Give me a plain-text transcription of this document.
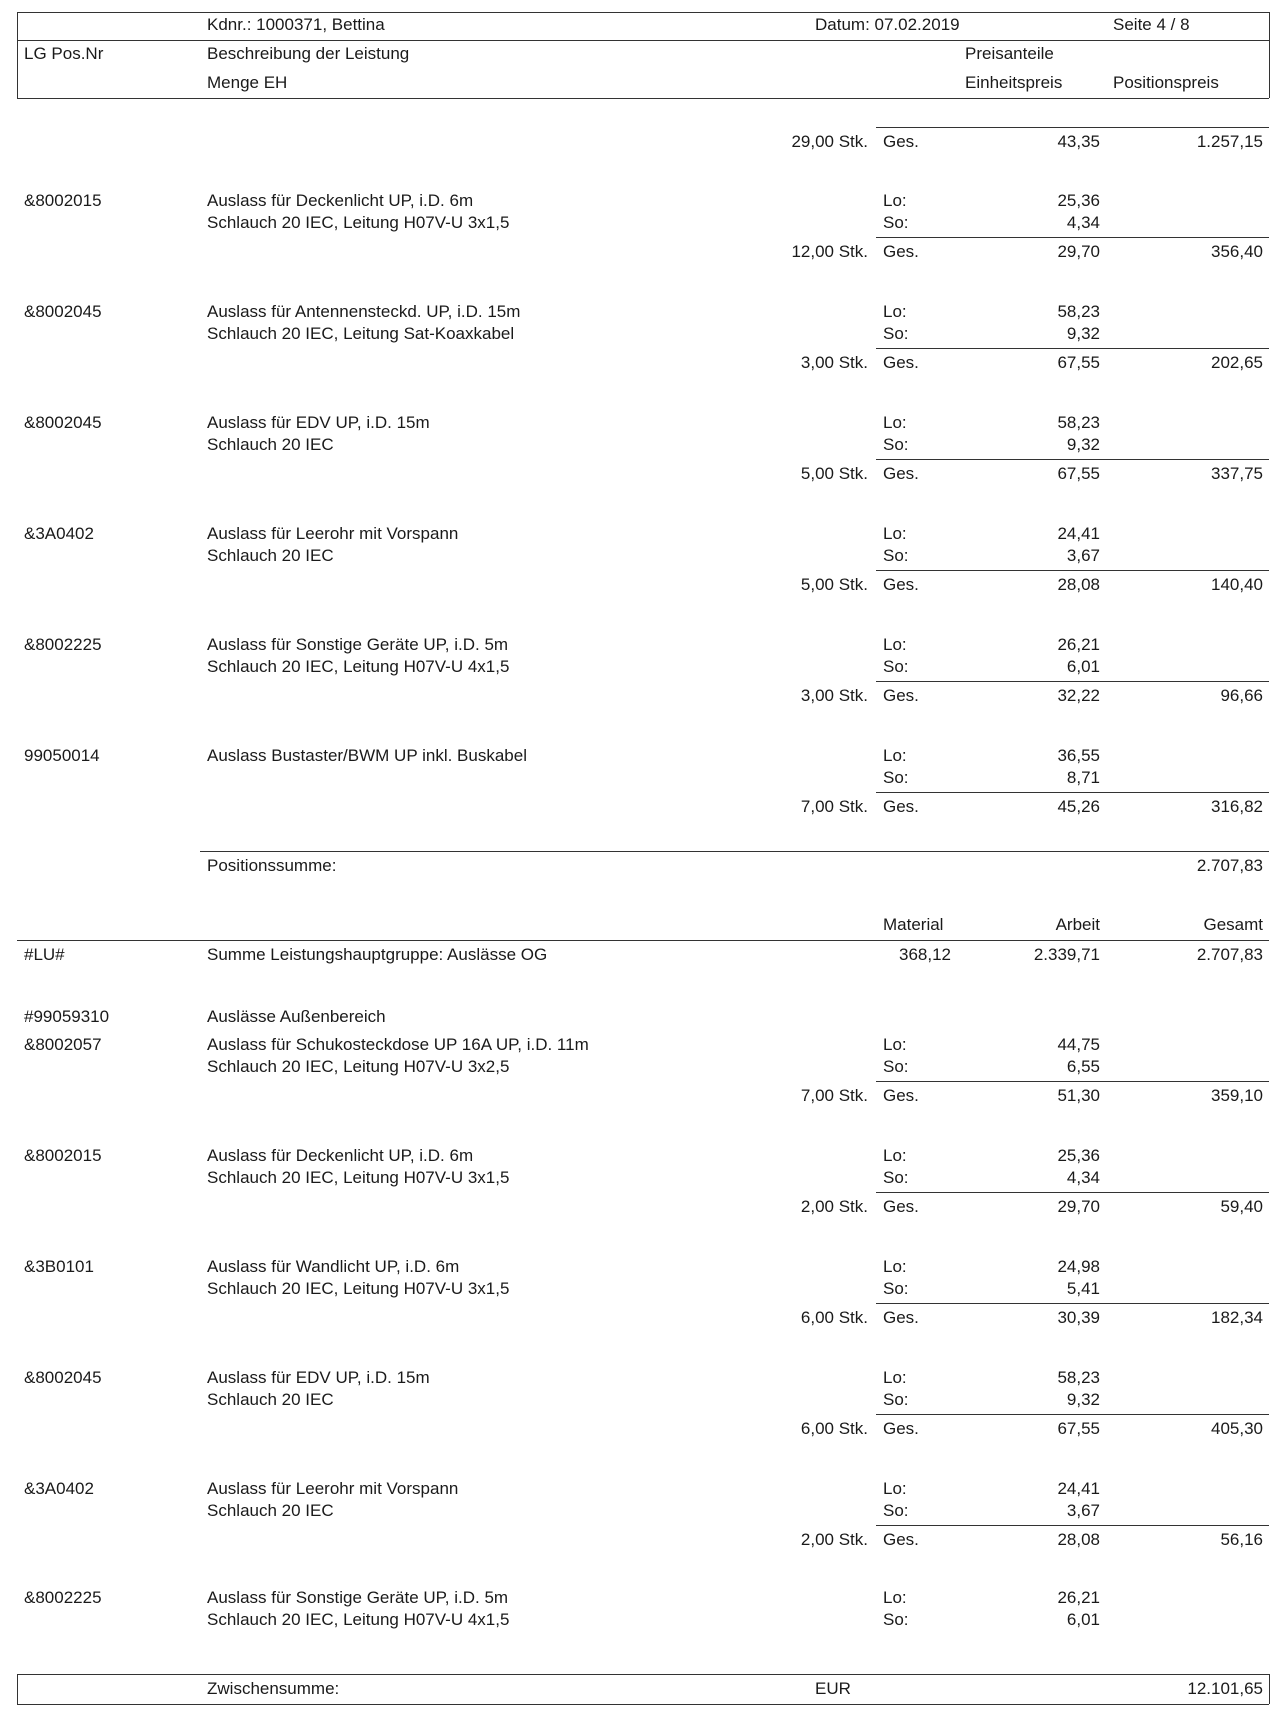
Kdnr.: 1000371, Bettina	Datum: 07.02.2019	Seite 4 / 8
LG Pos.Nr	Beschreibung der Leistung	Preisanteile
Menge EH	Einheitspreis	Positionspreis
29,00 Stk. Ges.	43,35	1.257,15
&8002015	Auslass für Deckenlicht UP, i.D. 6m
Schlauch 20 IEC, Leitung H07V-U 3x1,5
Lo:	25,36
So:	4,34
12,00 Stk. Ges.	29,70	356,40
&8002045	Auslass für Antennensteckd. UP, i.D. 15m
Schlauch 20 IEC, Leitung Sat-Koaxkabel
Lo:	58,23
So:	9,32
3,00 Stk. Ges.	67,55	202,65
&8002045	Auslass für EDV UP, i.D. 15m
Schlauch 20 IEC
Lo:	58,23
So:	9,32
5,00 Stk. Ges.	67,55	337,75
&3A0402	Auslass für Leerohr mit Vorspann
Schlauch 20 IEC
Lo:	24,41
So:	3,67
5,00 Stk. Ges.	28,08	140,40
&8002225	Auslass für Sonstige Geräte UP, i.D. 5m
Schlauch 20 IEC, Leitung H07V-U 4x1,5
Lo:	26,21
So:	6,01
3,00 Stk. Ges.	32,22	96,66
99050014	Auslass Bustaster/BWM UP inkl. Buskabel	Lo:	36,55
So:	8,71
7,00 Stk. Ges.	45,26	316,82
Positionssumme:	2.707,83
Material	Arbeit	Gesamt
#LU#	Summe Leistungshauptgruppe: Auslässe OG	368,12	2.339,71	2.707,83
#99059310	Auslässe Außenbereich
&8002057	Auslass für Schukosteckdose UP 16A UP, i.D. 11m
Schlauch 20 IEC, Leitung H07V-U 3x2,5
Lo:	44,75
So:	6,55
7,00 Stk. Ges.	51,30	359,10
&8002015	Auslass für Deckenlicht UP, i.D. 6m
Schlauch 20 IEC, Leitung H07V-U 3x1,5
Lo:	25,36
So:	4,34
2,00 Stk. Ges.	29,70	59,40
&3B0101	Auslass für Wandlicht UP, i.D. 6m
Schlauch 20 IEC, Leitung H07V-U 3x1,5
Lo:	24,98
So:	5,41
6,00 Stk. Ges.	30,39	182,34
&8002045	Auslass für EDV UP, i.D. 15m
Schlauch 20 IEC
Lo:	58,23
So:	9,32
6,00 Stk. Ges.	67,55	405,30
&3A0402	Auslass für Leerohr mit Vorspann
Schlauch 20 IEC
Lo:	24,41
So:	3,67
2,00 Stk. Ges.	28,08	56,16
&8002225	Auslass für Sonstige Geräte UP, i.D. 5m
Schlauch 20 IEC, Leitung H07V-U 4x1,5
Lo:	26,21
So:	6,01
Zwischensumme:	EUR	12.101,65
